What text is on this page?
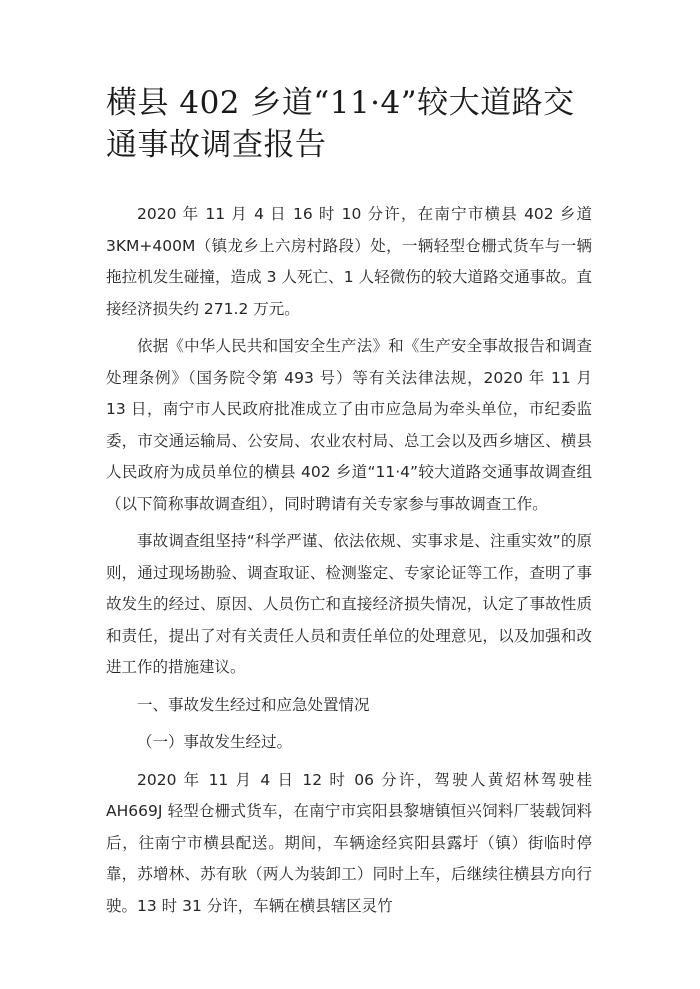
横县 402 乡道“11·4”较大道路交通事故调查报告

2020 年 11 月 4 日 16 时 10 分许，在南宁市横县 402 乡道 3KM+400M（镇龙乡上六房村路段）处，一辆轻型仓栅式货车与一辆拖拉机发生碰撞，造成 3 人死亡、1 人轻微伤的较大道路交通事故。直接经济损失约 271.2 万元。

依据《中华人民共和国安全生产法》和《生产安全事故报告和调查处理条例》（国务院令第 493 号）等有关法律法规，2020 年 11 月 13 日，南宁市人民政府批准成立了由市应急局为牵头单位，市纪委监委，市交通运输局、公安局、农业农村局、总工会以及西乡塘区、横县人民政府为成员单位的横县 402 乡道“11·4”较大道路交通事故调查组（以下简称事故调查组），同时聘请有关专家参与事故调查工作。

事故调查组坚持“科学严谨、依法依规、实事求是、注重实效”的原则，通过现场勘验、调查取证、检测鉴定、专家论证等工作，查明了事故发生的经过、原因、人员伤亡和直接经济损失情况，认定了事故性质和责任，提出了对有关责任人员和责任单位的处理意见，以及加强和改进工作的措施建议。

一、事故发生经过和应急处置情况

（一）事故发生经过。

2020 年 11 月 4 日 12 时 06 分许，驾驶人黄炤林驾驶桂 AH669J 轻型仓栅式货车，在南宁市宾阳县黎塘镇恒兴饲料厂装载饲料后，往南宁市横县配送。期间，车辆途经宾阳县露圩（镇）街临时停靠，苏增林、苏有耿（两人为装卸工）同时上车，后继续往横县方向行驶。13 时 31 分许，车辆在横县辖区灵竹
